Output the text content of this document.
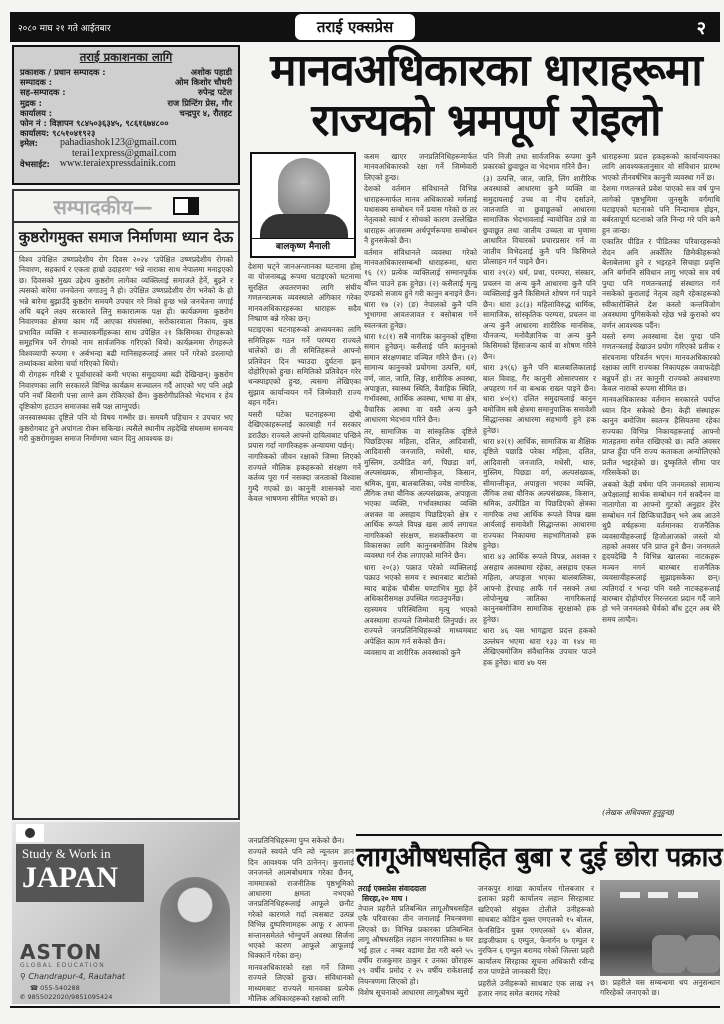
२०८० माघ २१ गते आईतबार	तराई एक्सप्रेस	२
तराई प्रकाशनका लागि
प्रकाशक / प्रधान सम्पादक :	अशोक पहाडी
सम्पादक :	ओम किशोर चौधरी
सह-सम्पादक :	रुपेन्द्र पटेल
मुद्रक :	राज प्रिन्टिंग प्रेस, गौर
कार्यालय :	चन्द्रपुर ४, रौतहट
फोन नं : विज्ञापन ९८४५०३६३४५, ९८६१६७४८००
कार्यालय: ९८५१०४१९२३
इमेल:	pahadiashok123@gmail.com
terai1express@gmail.com
वेभसाईट:	www.teraiexpressdainik.com
सम्पादकीय—
कुष्ठरोगमुक्त समाज निर्माणमा ध्यान देऊ

विश्व उपेक्षित उष्णप्रदेशीय रोग दिवस २०२४ 'उपेक्षित उष्णप्रदेशीय रोगको निवारण, सहकार्य र एकता हाम्रो उदाहरण' भन्ने नाराका साथ नेपालमा मनाइएको छ। दिवसको मुख्य उद्देश्य कुष्ठरोग लागेका व्यक्तिलाई समाजले हेर्ने, बुझ्ने र त्यसको बारेमा जनचेतना जगाउनु नै हो। उपेक्षित उष्णप्रदेशीय रोग भनेको के हो भन्ने बारेमा बुझाउँदै कुष्ठरोग समयमै उपचार गरे निको हुन्छ भन्ने जनचेतना जगाई अघि बढ्ने लक्ष्य सरकारले लिनु सकारात्मक पक्ष हो। कार्यक्रममा कुष्ठरोग निवारणका क्षेत्रमा काम गर्दै आएका संघसंस्था, सरोकारवाला निकाय, कुष्ठ प्रभावित व्यक्ति र सञ्चारकर्मीहरूका साथ उपेक्षित २१ किसिमका रोगहरूको समूहभित्र पर्ने रोगको नाम सार्वजनिक गरिएको थियो। कार्यक्रममा रोगहरूले विश्वव्यापी रूपमा १ अर्बभन्दा बढी मानिसहरूलाई असर पर्ने गरेको डरलाग्दो तथ्यांकका बारेमा चर्चा गरिएको थियो।

यी रोगहरू गरिबी र पूर्वाधारको कमी भएका समुदायमा बढी देखिन्छन्। कुष्ठरोग निवारणका लागि सरकारले विभिन्न कार्यक्रम सञ्चालन गर्दै आएको भए पनि अझै पनि नयाँ बिरामी पत्ता लाग्ने क्रम रोकिएको छैन। कुष्ठरोगीप्रतिको भेदभाव र हेय दृष्टिकोण हटाउन समाजका सबै पक्ष लाग्नुपर्छ।

जनस्वास्थ्यका दृष्टिले पनि यो विषय गम्भीर छ। समयमै पहिचान र उपचार भए कुष्ठरोगबाट हुने अपांगता रोक्न सकिन्छ। त्यसैले स्थानीय तहदेखि संघसम्म समन्वय गरी कुष्ठरोगमुक्त समाज निर्माणमा ध्यान दिनु आवश्यक छ।

Study & Work in
JAPAN
ASTON
GLOBAL EDUCATION
⚲ Chandrapur-4, Rautahat
☎ 055-540288
✆ 9855022020/9851095424
मानवअधिकारका धाराहरूमा
राज्यको भ्रमपूर्ण रोइलो
बालकृष्ण मैनाली

देशमा घट्ने जानअन्जानका घटनामा होस् वा योजनाबद्ध रूपमा घटाइएको घटनामा सुरक्षित अवतरणका लागि संघीय गणतन्त्रात्मक व्यवस्थाले अंगिकार गरेका मानवअधिकारहरूका धाराहरू सदैव निष्प्राण बन्ने गरेका छन्।

घटाइएका घटनाहरूको अध्ययनका लागि समितिहरू गठन गर्ने परम्परा राज्यले थालेको छ। ती समितिहरूले आफ्नो प्रतिवेदन दिन भ्याउदा दुर्घटना झन् दोहोरिएको हुन्छ। समितिको प्रतिवेदन गरेर थन्क्याइएको हुन्छ, त्यसमा लेखिएका सुझाव कार्यान्वयन गर्ने जिम्मेवारी राज्य बहन गर्दैन।

यसरी घटेका घटनाहरूमा दोषी देखिएकाहरूलाई कारबाही गर्न सरकार डराउँछ। राज्यले आफ्नो दायित्वबाट पन्छिने प्रयास गर्दा नागरिकहरू अन्यायमा पर्छन्।

नागरिकको जीवन रक्षाको जिम्मा लिएको राज्यले मौलिक हकहरूको संरक्षण गर्ने कर्तव्य पूरा गर्न नसक्दा जनताको विश्वास गुम्दै गएको छ। कानुनी शासनको नारा केवल भाषणमा सीमित भएको छ।

कसम खाएर जनप्रतिनिधिहरूमार्फत मानवअधिकारको रक्षा गर्ने जिम्मेवारी लिएको हुन्छ।

देशको वर्तमान संविधानले विभिन्न धाराहरूमार्फत मानव अधिकारको मर्मलाई यथासक्य सम्बोधन गर्ने प्रयास गरेको छ तर नेतृत्वको स्वार्थ र सोचको कारण उल्लेखित धाराहरू आजसम्म अर्थपूर्णरूपमा सम्बोधन नै हुनसकेको छैन।

वर्तमान संविधानले व्यवस्था गरेको मानवअधिकारसम्बन्धी धाराहरूमा, धारा १६ (१) प्रत्येक व्यक्तिलाई सम्मानपूर्वक बाँच्न पाउने हक हुनेछ। (२) कसैलाई मृत्यु दण्डको सजाय हुने गरी कानुन बनाइने छैन। धारा १७ (२) (ङ) नेपालको कुनै पनि भूभागमा आवतजावत र बसोबास गर्ने स्वतन्त्रता हुनेछ।

धारा १८(१) सबै नागरिक कानुनको दृष्टिमा समान हुनेछन्। कसैलाई पनि कानुनको समान संरक्षणबाट वञ्चित गरिने छैन। (२) सामान्य कानुनको प्रयोगमा उत्पत्ति, धर्म, वर्ण, जात, जाति, लिङ्ग, शारीरिक अवस्था, अपाङ्गता, स्वास्थ्य स्थिति, वैवाहिक स्थिति, गर्भावस्था, आर्थिक अवस्था, भाषा वा क्षेत्र, वैचारिक आस्था वा यस्तै अन्य कुनै आधारमा भेदभाव गरिने छैन।

तर, सामाजिक वा सांस्कृतिक दृष्टिले पिछडिएका महिला, दलित, आदिवासी, आदिवासी जनजाति, मधेसी, थारु, मुस्लिम, उत्पीडित वर्ग, पिछडा वर्ग, अल्पसंख्यक, सीमान्तीकृत, किसान, श्रमिक, युवा, बालबालिका, ज्येष्ठ नागरिक, लैंगिक तथा यौनिक अल्पसंख्यक, अपाङ्गता भएका व्यक्ति, गर्भावस्थाका व्यक्ति अशक्त वा असहाय पिछडिएको क्षेत्र र आर्थिक रूपले विपन्न खस आर्य लगायत नागरिकको संरक्षण, सशक्तीकरण वा विकासका लागि कानुनबमोजिम विशेष व्यवस्था गर्न रोक लगाएको मानिने छैन।

धारा २०(३) पक्राउ परेको व्यक्तिलाई पक्राउ भएको समय र स्थानबाट बाटोको म्याद बाहेक चौबीस घण्टाभित्र मुद्दा हेर्ने अधिकारीसमक्ष उपस्थित गराउनुपर्नेछ।

रहस्यमय परिस्थितिमा मृत्यु भएको अवस्थामा राज्यले जिम्मेवारी लिनुपर्छ। तर राज्यले जनप्रतिनिधिहरूको माध्यमबाट अपेक्षित काम गर्न सकेको छैन।

व्यवसाय वा शारीरिक अवस्थाको कुनै

पनि निजी तथा सार्वजनिक रूपमा कुनै प्रकारको छुवाछूत वा भेदभाव गरिने छैन।

(३) उत्पत्ति, जात, जाति, लिंग शारीरिक अवस्थाको आधारमा कुनै व्यक्ति वा समुदायलाई उच्च वा नीच दर्साउने, जातजाति वा छुवाछूतको आधारमा सामाजिक भेदभावलाई न्यायोचित ठान्ने वा छुवाछूत तथा जातीय उच्चता वा घृणामा आधारित विचारको प्रचारप्रसार गर्न वा जातीय विभेदलाई कुनै पनि किसिमले प्रोत्साहन गर्न पाइने छैन।

धारा २९(२) धर्म, प्रथा, परम्परा, संस्कार, प्रचलन वा अन्य कुनै आधारमा कुनै पनि व्यक्तिलाई कुनै किसिमले शोषण गर्न पाइने छैन। धारा ३८(३) महिलाविरुद्ध धार्मिक, सामाजिक, सांस्कृतिक परम्परा, प्रचलन वा अन्य कुनै आधारमा शारीरिक मानसिक, यौनजन्य, मनोवैज्ञानिक वा अन्य कुनै किसिमको हिंसाजन्य कार्य वा शोषण गरिने छैन।

धारा ३९(६) कुनै पनि बालबालिकालाई बाल विवाह, गैर कानुनी ओसारपसार र अपहरण गर्न वा बन्धक राख्न पाइने छैन। धारा ४०(१) दलित समुदायलाई कानुन बमोजिम सबै क्षेत्रमा समानुपातिक समावेशी सिद्धान्तका आधारमा सहभागी हुने हक हुनेछ।

धारा ४२(१) आर्थिक, सामाजिक वा शैक्षिक दृष्टिले पछाडि परेका महिला, दलित, आदिवासी जनजाति, मधेसी, थारु, मुस्लिम, पिछडा वर्ग, अल्पसंख्यक, सीमान्तीकृत, अपाङ्गता भएका व्यक्ति, लैंगिक तथा यौनिक अल्पसंख्यक, किसान, श्रमिक, उत्पीडित वा पिछडिएको क्षेत्रका नागरिक तथा आर्थिक रूपले विपन्न खस आर्यलाई समावेशी सिद्धान्तका आधारमा राज्यका निकायमा सहभागिताको हक हुनेछ।

धारा ४३ आर्थिक रूपले विपन्न, अशक्त र असहाय अवस्थामा रहेका, असहाय एकल महिला, अपाङ्गता भएका बालबालिका, आफ्नो हेरचाह आफैं गर्न नसक्ने तथा लोपोन्मुख जातिका नागरिकलाई कानुनबमोजिम सामाजिक सुरक्षाको हक हुनेछ।

धारा ४६ यस भागद्वारा प्रदत्त हकको उल्लंघन भएमा धारा १३३ वा १४४ मा लेखिएबमोजिम संवैधानिक उपचार पाउने हक हुनेछ। धारा ४७ यस

धाराहरूमा प्रदत्त हकहरूको कार्यान्वयनका लागि आवश्यकतानुसार यो संविधान प्रारम्भ भएको तीनवर्षभित्र कानुनी व्यवस्था गर्ने छ।

देशमा गणतन्त्रले प्रवेश पाएको सत्र वर्ष पुग्न लागेको पृष्ठभूमिमा जुनसुकै वर्गमाथि घटाइएको घटनाको पनि निन्दामात्र होइन, बर्बरतापूर्ण घटनाको जति निन्दा गरे पनि कमै हुन जान्छ।

एकातिर पीडित र पीडितका परिवारहरूको रोदन अनि अर्कोतिर छिमेकीहरूको बेलाबेलामा हुने र भइरहने सिचाहा प्रवृत्ति अनि बर्गमनि संविधान लागु भएको सत्र वर्ष पुग्दा पनि गणतन्त्रलाई संस्थागत गर्न नसकेको कुरालाई नेतृत्व तहमै रहेकाहरूको स्वीकारोक्तिले देश कस्तो कन्तविजोग अवस्थामा पुगिसकेको रहेछ भन्ने कुराको थप वर्णन आवश्यक पर्दैन।

यस्तो रुग्ण अवस्थामा देश पुग्दा पनि गणतन्त्रलाई देखाउन प्रयोग गरिएको प्रतीक र संरचनामा परिवर्तन भएन। मानवअधिकारको रक्षाका लागि राज्यका निकायहरू जवाफदेही बन्नुपर्ने हो। तर कानुनी राज्यको अवधारणा केवल नाराको रूपमा सीमित छ।

मानवअधिकारका वर्तमान सरकारले पर्याप्त ध्यान दिन सकेको छैन। केही संस्थाहरू कानुन बमोजिम स्वतन्त्र हैसियतमा रहेका राज्यका विभिन्न निकायहरूलाई आफ्नो मातहतमा समेत राखिएको छ। त्यति अवसर प्राप्त हुँदा पनि राज्य कताकता अन्योलिएको प्रतीत भइरहेको छ। दुष्कृतिले सीमा पार गरिसकेको छ।

अबको केही वर्षमा पनि जनमतको सामान्य अपेक्षालाई सार्थक सम्बोधन गर्न सक्दैनन वा नातागोता वा आफ्नो गुटको अनुहार हेरेर सम्बोधन गर्न छिप्किचाउँछन् भने अब आउने थुप्रै वर्षहरूमा वर्तमानका राजनैतिक व्यवसायीहरूलाई हिजोआजको जस्तो यो तहको अवसर पनि प्राप्त हुने छैन। जनमतले हृदयदेखि नै विभिन्न खालका नाटकहरू मञ्चन नगर्न बारम्बार राजनैतिक व्यवसायीहरूलाई सुझाइसकेका छन्। त्यतिगर्दा र भन्दा पनि यस्तै नाटकहरूलाई बारम्बार दोहोर्याएर निरन्तरता प्रदान गर्दै जाने हो भने जनमतको धैर्यको बाँध टुट्न अब धेरै समय लाग्दैन।

(लेखक अधिवक्ता हुनुहुन्छ)

जनप्रतिनिधिहरूमा पुग्न सकेको छैन।

राज्यले स्वयंले पनि त्यो न्यूनतम ज्ञान दिन आवश्यक पनि ठानेनन्। कुरालाई जनजनले आत्मबोधमात्र गरेका छैनन्, नाममात्रको राजनीतिक पृष्ठभूमिको आधारमा क्षमता नभएको जनप्रतिनिधिहरूलाई आफूले छनौट गरेको कारणले गर्दा त्यसबाट उत्पन्न विभिन्न दुष्परिणामहरू आफू र आफ्ना सन्तानसमेतले भोग्नुपर्ने अवस्था सिर्जना भएको कारण आफूले आफूलाई धिक्कार्ने गरेका छन्।

मानवअधिकारको रक्षा गर्ने जिम्मा राज्यले लिएको हुन्छ। संविधानको माध्यमबाट राज्यले मानवका प्रत्येक मौलिक अधिकारहरूको रक्षाको लागि

लागूऔषधसहित बुबा र दुई छोरा पक्राउ
तराई एक्सप्रेस संवाददाता
सिरहा,२० माघ ।

नेपाल प्रहरीले प्रतिबन्धित लागूऔषधसहित एकै परिवारका तीन जनालाई नियन्त्रणमा लिएको छ। विभिन्न प्रकारका प्रतिबन्धित लागू औषधसहित लहान नगरपालिका ७ घर भई हाल ८ नम्बर वडामा डेरा गरी बस्ने ५५ वर्षीय राजकुमार ठाकुर र उनका छोराहरू २९ वर्षीय प्रमोद र २५ वर्षीय राकेशलाई नियन्त्रणमा लिएको हो।

विशेष सूचनाको आधारमा लागूऔषध ब्युरो

जनकपुर शाखा कार्यालय गोलबजार र इलाका प्रहरी कार्यालय लहान सिरहाबाट खटिएको संयुक्त टोलीले उनीहरूको साथबाट कोडिन युक्त एमएलको १५ बोतल, फेनसिडिन युक्त एमएलको ६५ बोतल, डाइजीफाम ६ एम्पुल, फेनार्गन ७ एम्पुल र नुरफिन ६ एम्पुल बरामद गरेको जिल्ला प्रहरी कार्यालय सिरहाका सूचना अधिकारी रवीन्द्र राज पाण्डेले जानकारी दिए।

प्रहरीले उनीहरूको साथबाट एक लाख २९ हजार नगद समेत बरामद गरेको

छ। प्रहरीले यस सम्बन्धमा थप अनुसन्धान गरिरहेको जनाएको छ।
